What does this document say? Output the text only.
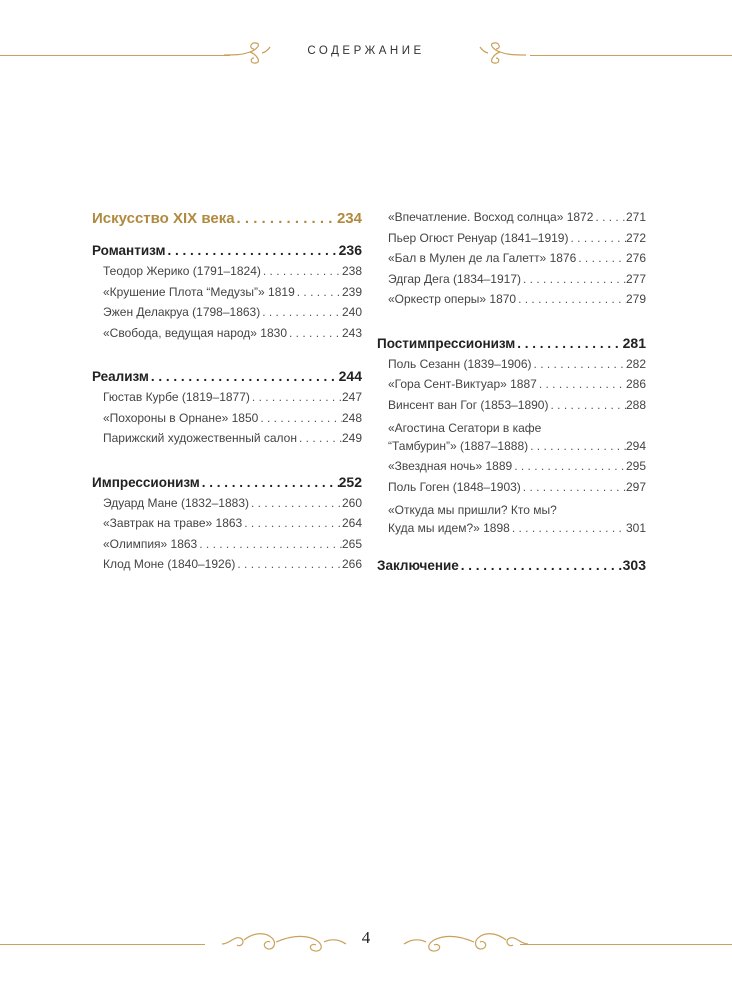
СОДЕРЖАНИЕ
Искусство XIX века . . .	234
Романтизм . . .	236
Теодор Жерико (1791–1824) . . .	238
«Крушение Плота “Медузы”» 1819 . . .	239
Эжен Делакруа (1798–1863) . . .	240
«Свобода, ведущая народ» 1830 . . .	243
Реализм . . .	244
Гюстав Курбе (1819–1877) . . .	247
«Похороны в Орнане» 1850 . . .	248
Парижский художественный салон . . .	249
Импрессионизм . . .	252
Эдуард Мане (1832–1883) . . .	260
«Завтрак на траве» 1863 . . .	264
«Олимпия» 1863 . . .	265
Клод Моне (1840–1926) . . .	266
«Впечатление. Восход солнца» 1872 . . .	271
Пьер Огюст Ренуар (1841–1919) . . .	272
«Бал в Мулен де ла Галетт» 1876 . . .	276
Эдгар Дега (1834–1917) . . .	277
«Оркестр оперы» 1870 . . .	279
Постимпрессионизм . . .	281
Поль Сезанн (1839–1906) . . .	282
«Гора Сент-Виктуар» 1887 . . .	286
Винсент ван Гог (1853–1890) . . .	288
«Агостина Сегатори в кафе
“Тамбурин”» (1887–1888) . . .	294
«Звездная ночь» 1889 . . .	295
Поль Гоген (1848–1903) . . .	297
«Откуда мы пришли? Кто мы?
Куда мы идем?» 1898 . . .	301
Заключение . . .	303
4
